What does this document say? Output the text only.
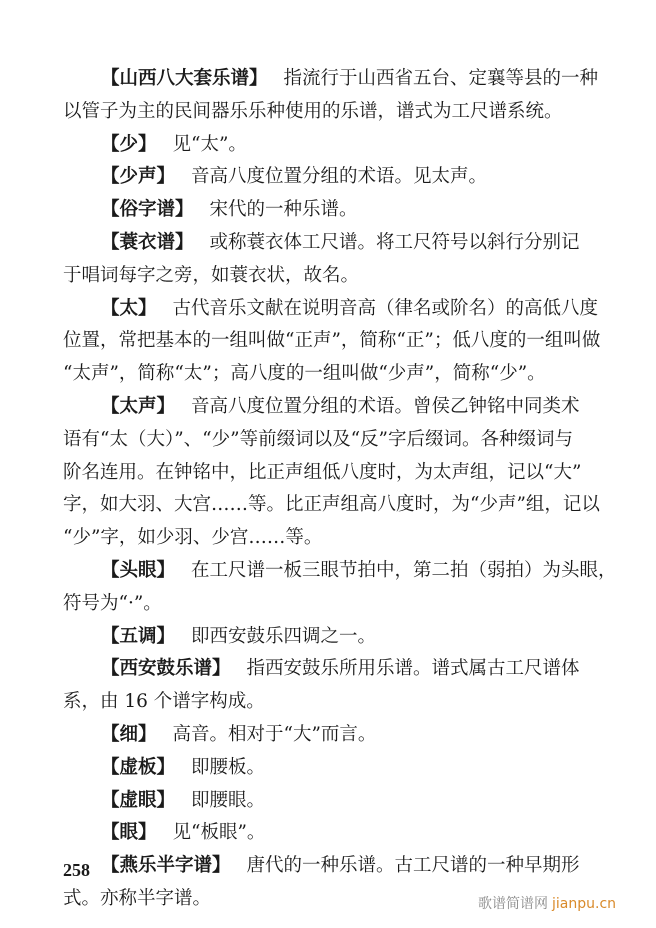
【山西八大套乐谱】 指流行于山西省五台、定襄等县的一种
以管子为主的民间器乐乐种使用的乐谱，谱式为工尺谱系统。
【少】 见“太”。
【少声】 音高八度位置分组的术语。见太声。
【俗字谱】 宋代的一种乐谱。
【蓑衣谱】 或称蓑衣体工尺谱。将工尺符号以斜行分别记
于唱词每字之旁，如蓑衣状，故名。
【太】 古代音乐文献在说明音高（律名或阶名）的高低八度
位置，常把基本的一组叫做“正声”，简称“正”；低八度的一组叫做
“太声”，简称“太”；高八度的一组叫做“少声”，简称“少”。
【太声】 音高八度位置分组的术语。曾侯乙钟铭中同类术
语有“太（大）”、“少”等前缀词以及“反”字后缀词。各种缀词与
阶名连用。在钟铭中，比正声组低八度时，为太声组，记以“大”
字，如大羽、大宫……等。比正声组高八度时，为“少声”组，记以
“少”字，如少羽、少宫……等。
【头眼】 在工尺谱一板三眼节拍中，第二拍（弱拍）为头眼，
符号为“·”。
【五调】 即西安鼓乐四调之一。
【西安鼓乐谱】 指西安鼓乐所用乐谱。谱式属古工尺谱体
系，由 16 个谱字构成。
【细】 高音。相对于“大”而言。
【虚板】 即腰板。
【虚眼】 即腰眼。
【眼】 见“板眼”。
【燕乐半字谱】 唐代的一种乐谱。古工尺谱的一种早期形
式。亦称半字谱。
258
歌谱简谱网 jianpu.cn
